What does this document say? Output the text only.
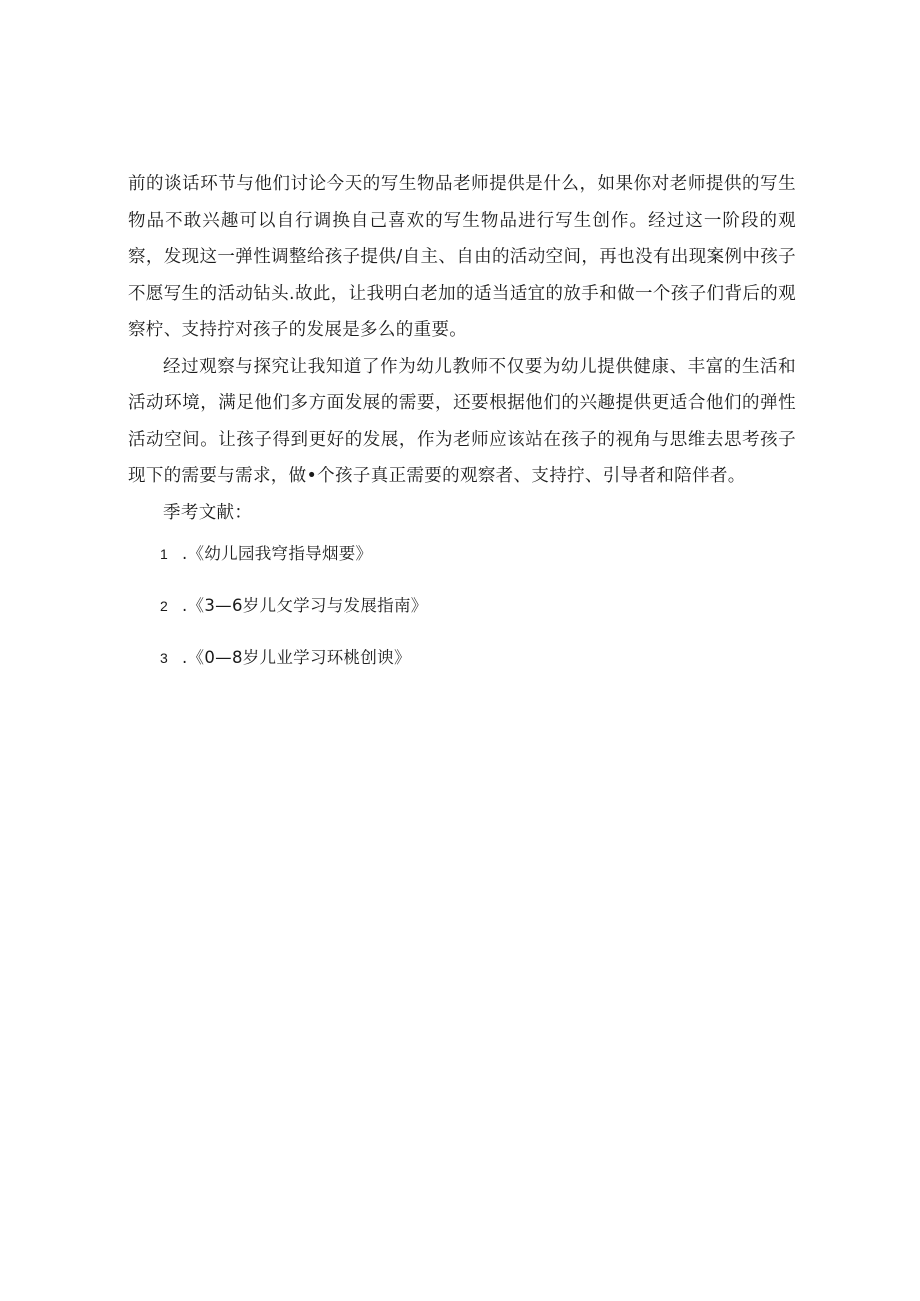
前的谈话环节与他们讨论今天的写生物品老师提供是什么，如果你对老师提供的写生物品不敢兴趣可以自行调换自己喜欢的写生物品进行写生创作。经过这一阶段的观察，发现这一弹性调整给孩子提供/自主、自由的活动空间，再也没有出现案例中孩子不愿写生的活动钻头.故此，让我明白老加的适当适宜的放手和做一个孩子们背后的观察柠、支持拧对孩子的发展是多么的重要。

经过观察与探究让我知道了作为幼儿教师不仅要为幼儿提供健康、丰富的生活和活动环境，满足他们多方面发展的需要，还要根据他们的兴趣提供更适合他们的弹性活动空间。让孩子得到更好的发展，作为老师应该站在孩子的视角与思维去思考孩子现下的需要与需求，做•个孩子真正需要的观察者、支持拧、引导者和陪伴者。

季考文献：

1 .《幼儿园我穹指导烟要》
2 .《3—6岁儿攵学习与发展指南》
3 .《0—8岁儿业学习环桃创谀》
